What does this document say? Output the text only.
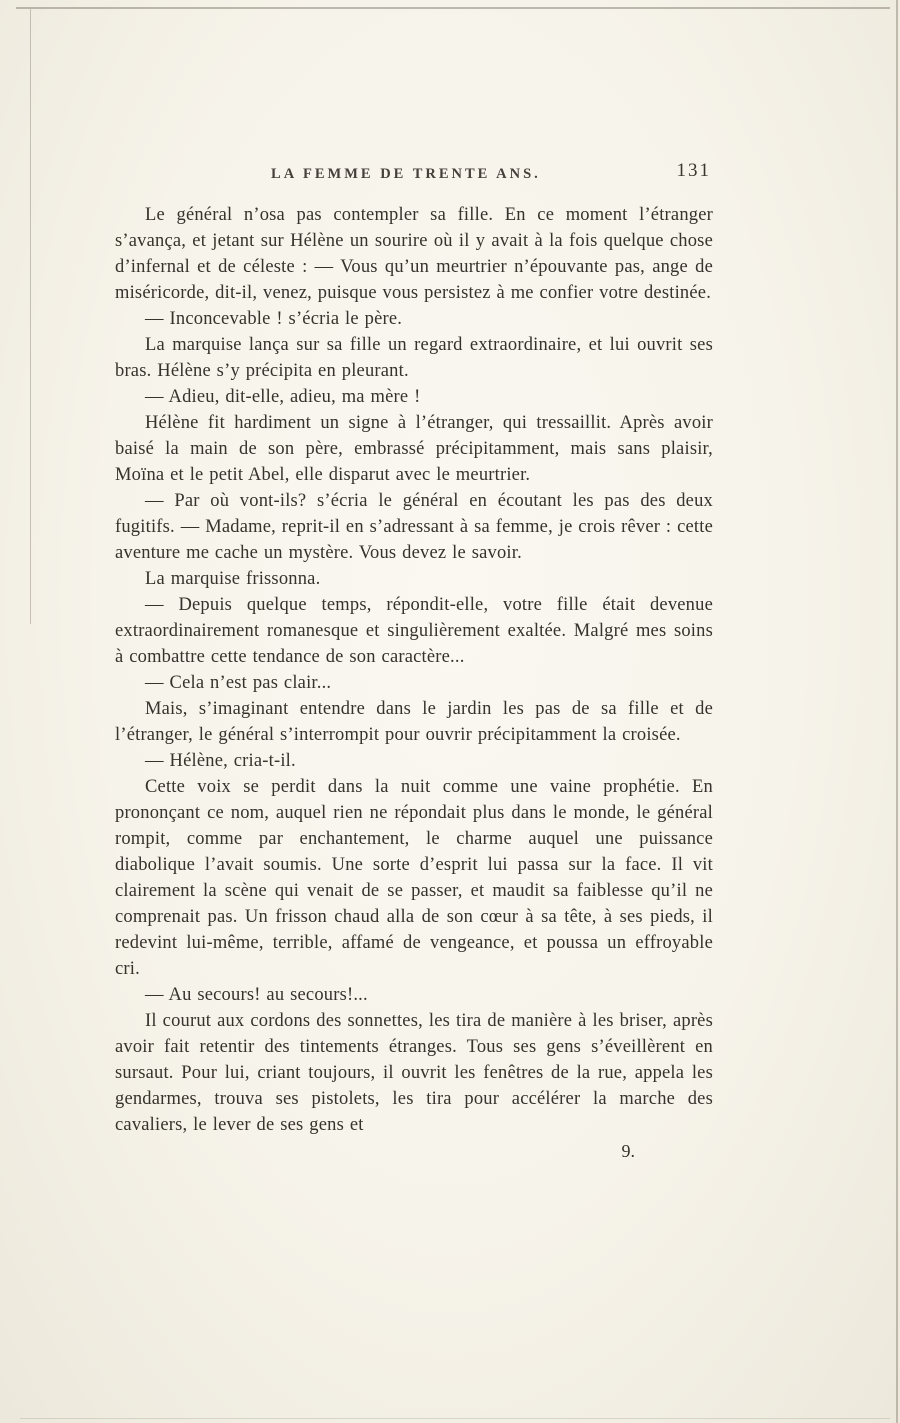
LA FEMME DE TRENTE ANS.	131

Le général n’osa pas contempler sa fille. En ce moment l’étranger s’avança, et jetant sur Hélène un sourire où il y avait à la fois quelque chose d’infernal et de céleste : — Vous qu’un meurtrier n’épouvante pas, ange de miséricorde, dit-il, venez, puisque vous persistez à me confier votre destinée.

— Inconcevable ! s’écria le père.

La marquise lança sur sa fille un regard extraordinaire, et lui ouvrit ses bras. Hélène s’y précipita en pleurant.

— Adieu, dit-elle, adieu, ma mère !

Hélène fit hardiment un signe à l’étranger, qui tressaillit. Après avoir baisé la main de son père, embrassé précipitamment, mais sans plaisir, Moïna et le petit Abel, elle disparut avec le meurtrier.

— Par où vont-ils? s’écria le général en écoutant les pas des deux fugitifs. — Madame, reprit-il en s’adressant à sa femme, je crois rêver : cette aventure me cache un mystère. Vous devez le savoir.

La marquise frissonna.

— Depuis quelque temps, répondit-elle, votre fille était devenue extraordinairement romanesque et singulièrement exaltée. Malgré mes soins à combattre cette tendance de son caractère...

— Cela n’est pas clair...

Mais, s’imaginant entendre dans le jardin les pas de sa fille et de l’étranger, le général s’interrompit pour ouvrir précipitamment la croisée.

— Hélène, cria-t-il.

Cette voix se perdit dans la nuit comme une vaine prophétie. En prononçant ce nom, auquel rien ne répondait plus dans le monde, le général rompit, comme par enchantement, le charme auquel une puissance diabolique l’avait soumis. Une sorte d’esprit lui passa sur la face. Il vit clairement la scène qui venait de se passer, et maudit sa faiblesse qu’il ne comprenait pas. Un frisson chaud alla de son cœur à sa tête, à ses pieds, il redevint lui-même, terrible, affamé de vengeance, et poussa un effroyable cri.

— Au secours! au secours!...

Il courut aux cordons des sonnettes, les tira de manière à les briser, après avoir fait retentir des tintements étranges. Tous ses gens s’éveillèrent en sursaut. Pour lui, criant toujours, il ouvrit les fenêtres de la rue, appela les gendarmes, trouva ses pistolets, les tira pour accélérer la marche des cavaliers, le lever de ses gens et

9.
